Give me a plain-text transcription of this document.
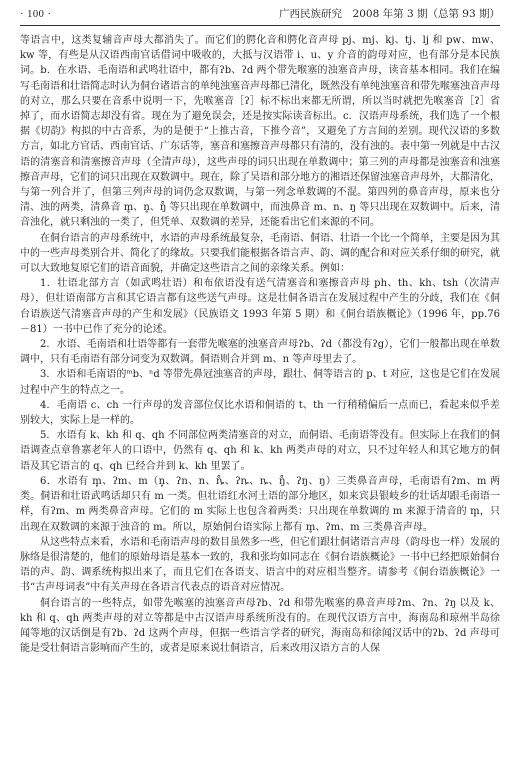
· 100 ·	广西民族研究　2008 年第 3 期（总第 93 期）

等语言中，这类复辅音声母大都消失了。而它们的腭化音和腭化音声母 pj、mj、kj、tj、lj 和 pw、mw、kw 等，有些是从汉语西南官话借词中吸收的，大抵与汉语带 i、u、y 介音的韵母对应，也有部分是本民族词。b．在水语、毛南语和武鸣壮语中，都有ʔb、ʔd 两个带先喉塞的浊塞音声母，读音基本相同。我们在编写毛南语和壮语简志时认为侗台诸语言的单纯浊塞音声母都已清化，既然没有单纯浊塞音和带先喉塞浊音声母的对立，那么只要在音系中说明一下，先喉塞音［ʔ］标不标出来都无所谓，所以当时就把先喉塞音［ʔ］省掉了，而水语简志却没有省。现在为了避免误会，还是按实际读音标出。c．汉语声母系统，我们选了一个根据《切韵》构拟的中古音系，为的是便于“上推古音，下推今音”，又避免了方言间的差别。现代汉语的多数方言，如北方官话、西南官话、广东话等，塞音和塞擦音声母都只有清的，没有浊的。表中第一列就是中古汉语的清塞音和清塞擦音声母（全清声母），这些声母的词只出现在单数调中；第三列的声母都是浊塞音和浊塞擦音声母，它们的词只出现在双数调中。现在，除了吴语和部分地方的湘语还保留浊塞音声母外，大都清化，与第一列合并了，但第三列声母的词仍念双数调，与第一列念单数调的不混。第四列的鼻音声母，原来也分清、浊的两类，清鼻音 m̥、n̥、ŋ̊ 等只出现在单数调中，而浊鼻音 m、n、ŋ 等只出现在双数调中。后来，清音浊化，就只剩浊的一类了，但凭单、双数调的差异，还能看出它们来源的不同。

在侗台语言的声母系统中，水语的声母系统最复杂，毛南语、侗语、壮语一个比一个简单，主要是因为其中的一些声母类别合并、简化了的缘故。只要我们能根据各语言声、韵、调的配合和对应关系仔细的研究，就可以大致地复原它们的语音面貌，并确定这些语言之间的亲缘关系。例如：

1．壮语北部方言（如武鸣壮语）和布依语没有送气清塞音和塞擦音声母 ph、th、kh、tsh（次清声母），但壮语南部方言和其它语言都有这些送气声母。这是壮侗各语言在发展过程中产生的分歧，我们在《侗台语族送气清塞音声母的产生和发展》（民族语文 1993 年第 5 期）和《侗台语族概论》（1996 年，pp.76－81）一书中已作了充分的论述。

2．水语、毛南语和壮语等都有一套带先喉塞的浊塞音声母ʔb、ʔd（都没有ʔg），它们一般都出现在单数调中，只有毛南语有部分词变为双数调。侗语则合并到 m、n 等声母里去了。

3．水语和毛南语的ᵐb、ⁿd 等带先鼻冠浊塞音的声母，跟壮、侗等语言的 p、t 对应，这也是它们在发展过程中产生的特点之一。

4．毛南语 c、ch 一行声母的发音部位仅比水语和侗语的 t、th 一行稍稍偏后一点而已，看起来似乎差别较大，实际上是一样的。

5．水语有 k、kh 和 q、qh 不同部位两类清塞音的对立，而侗语、毛南语等没有。但实际上在我们的侗语调查点章鲁寨老年人的口语中，仍然有 q、qh 和 k、kh 两类声母的对立，只不过年轻人和其它地方的侗语及其它语言的 q、qh 已经合并到 k、kh 里罢了。

6．水语有 m̥、ʔm、m（n̥、ʔn、n、ȵ̊、ʔȵ、ȵ、ŋ̊、ʔŋ、ŋ）三类鼻音声母，毛南语有ʔm、m 两类。侗语和壮语武鸣话却只有 m 一类。但壮语红水河土语的部分地区，如来宾县银岐乡的壮话却跟毛南语一样，有ʔm、m 两类鼻音声母。它们的 m 实际上也包含着两类：只出现在单数调的 m 来源于清音的 m̥，只出现在双数调的来源于浊音的 m。所以，原始侗台语实际上都有 m̥、ʔm、m 三类鼻音声母。

从这些特点来看，水语和毛南语声母的数目虽然多一些，但它们跟壮侗诸语言声母（韵母也一样）发展的脉络是很清楚的，他们的原始母语是基本一致的，我和张均如同志在《侗台语族概论》一书中已经把原始侗台语的声、韵、调系统构拟出来了，而且它们在各语支、语言中的对应相当整齐。请参考《侗台语族概论》一书“古声母词表”中有关声母在各语言代表点的语音对应情况。

侗台语言的一些特点，如带先喉塞的浊塞音声母ʔb、ʔd 和带先喉塞的鼻音声母ʔm、ʔn、ʔŋ 以及 k、kh 和 q、qh 两类声母的对立等都是中古汉语声母系统所没有的。在现代汉语方言中，海南岛和琼州半岛徐闻等地的汉话倒是有ʔb、ʔd 这两个声母，但据一些语言学者的研究，海南岛和徐闻汉话中的ʔb、ʔd 声母可能是受壮侗语言影响而产生的，或者是原来说壮侗语言，后来改用汉语方言的人保
